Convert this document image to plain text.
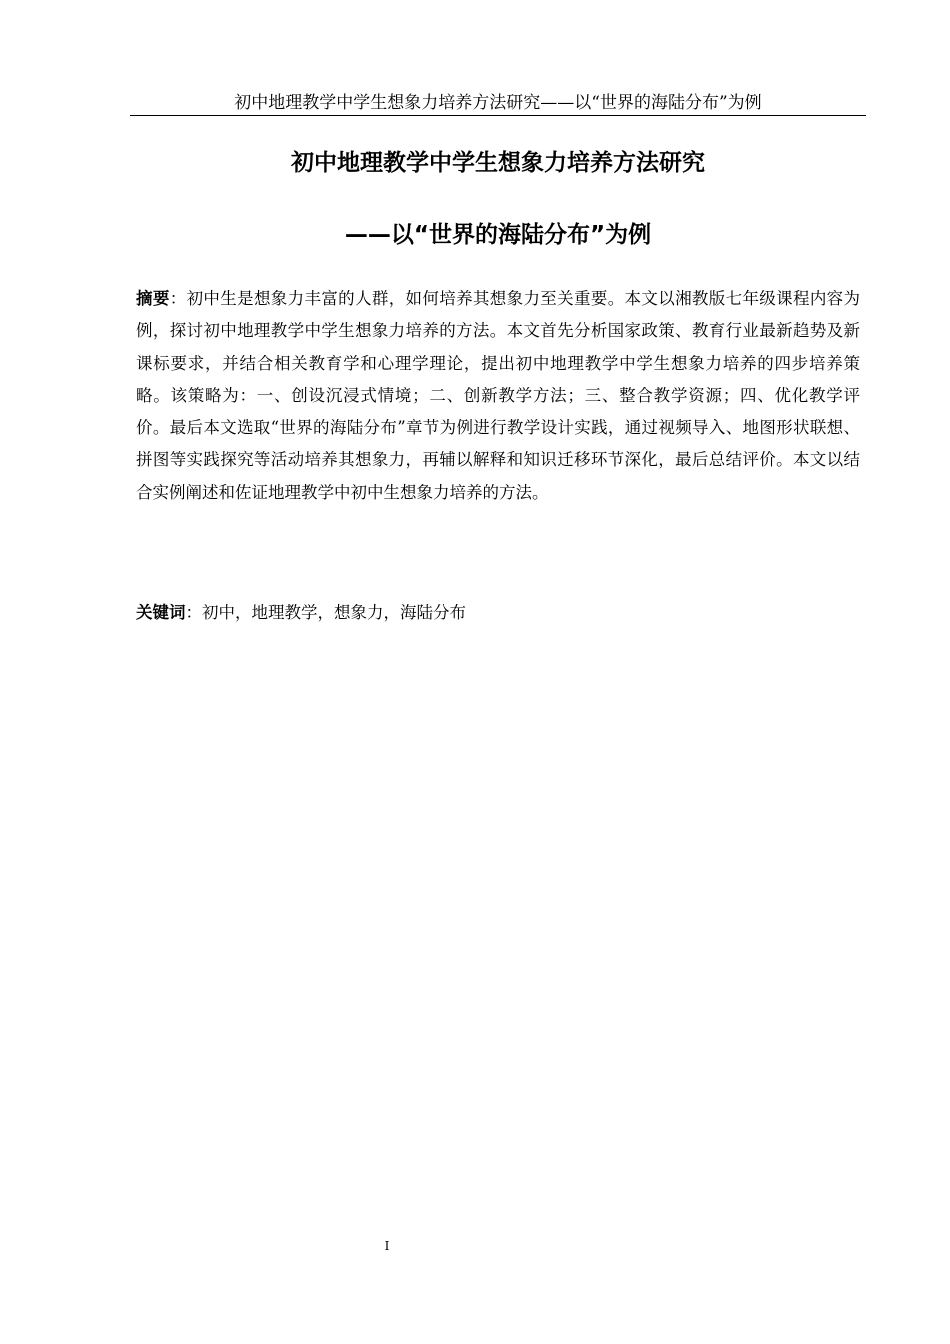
初中地理教学中学生想象力培养方法研究——以“世界的海陆分布”为例
初中地理教学中学生想象力培养方法研究
——以“世界的海陆分布”为例

摘要：初中生是想象力丰富的人群，如何培养其想象力至关重要。本文以湘教版七年级课程内容为例，探讨初中地理教学中学生想象力培养的方法。本文首先分析国家政策、教育行业最新趋势及新课标要求，并结合相关教育学和心理学理论，提出初中地理教学中学生想象力培养的四步培养策略。该策略为：一、创设沉浸式情境；二、创新教学方法；三、整合教学资源；四、优化教学评价。最后本文选取“世界的海陆分布”章节为例进行教学设计实践，通过视频导入、地图形状联想、拼图等实践探究等活动培养其想象力，再辅以解释和知识迁移环节深化，最后总结评价。本文以结合实例阐述和佐证地理教学中初中生想象力培养的方法。

关键词：初中，地理教学，想象力，海陆分布

I
